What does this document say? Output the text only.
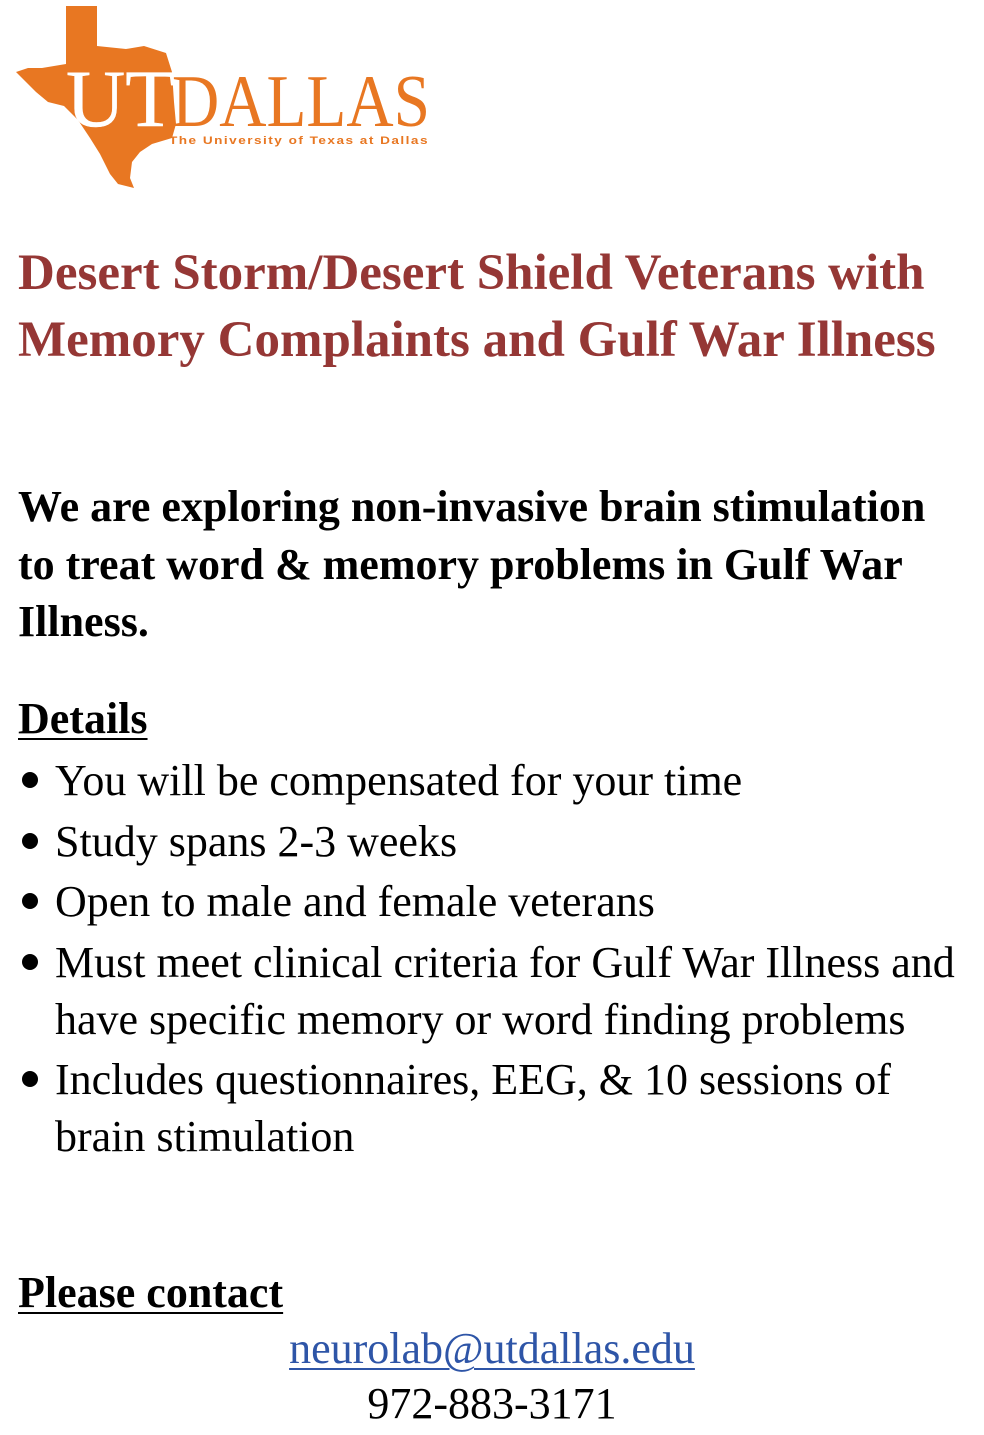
UT
DALLAS
The University of Texas at Dallas
Desert Storm/Desert Shield Veterans with Memory Complaints and Gulf War Illness

We are exploring non-invasive brain stimulation to treat word & memory problems in Gulf War Illness.

Details
You will be compensated for your time
Study spans 2-3 weeks
Open to male and female veterans
Must meet clinical criteria for Gulf War Illness and have specific memory or word finding problems
Includes questionnaires, EEG, & 10 sessions of brain stimulation
Please contact
neurolab@utdallas.edu
972-883-3171
